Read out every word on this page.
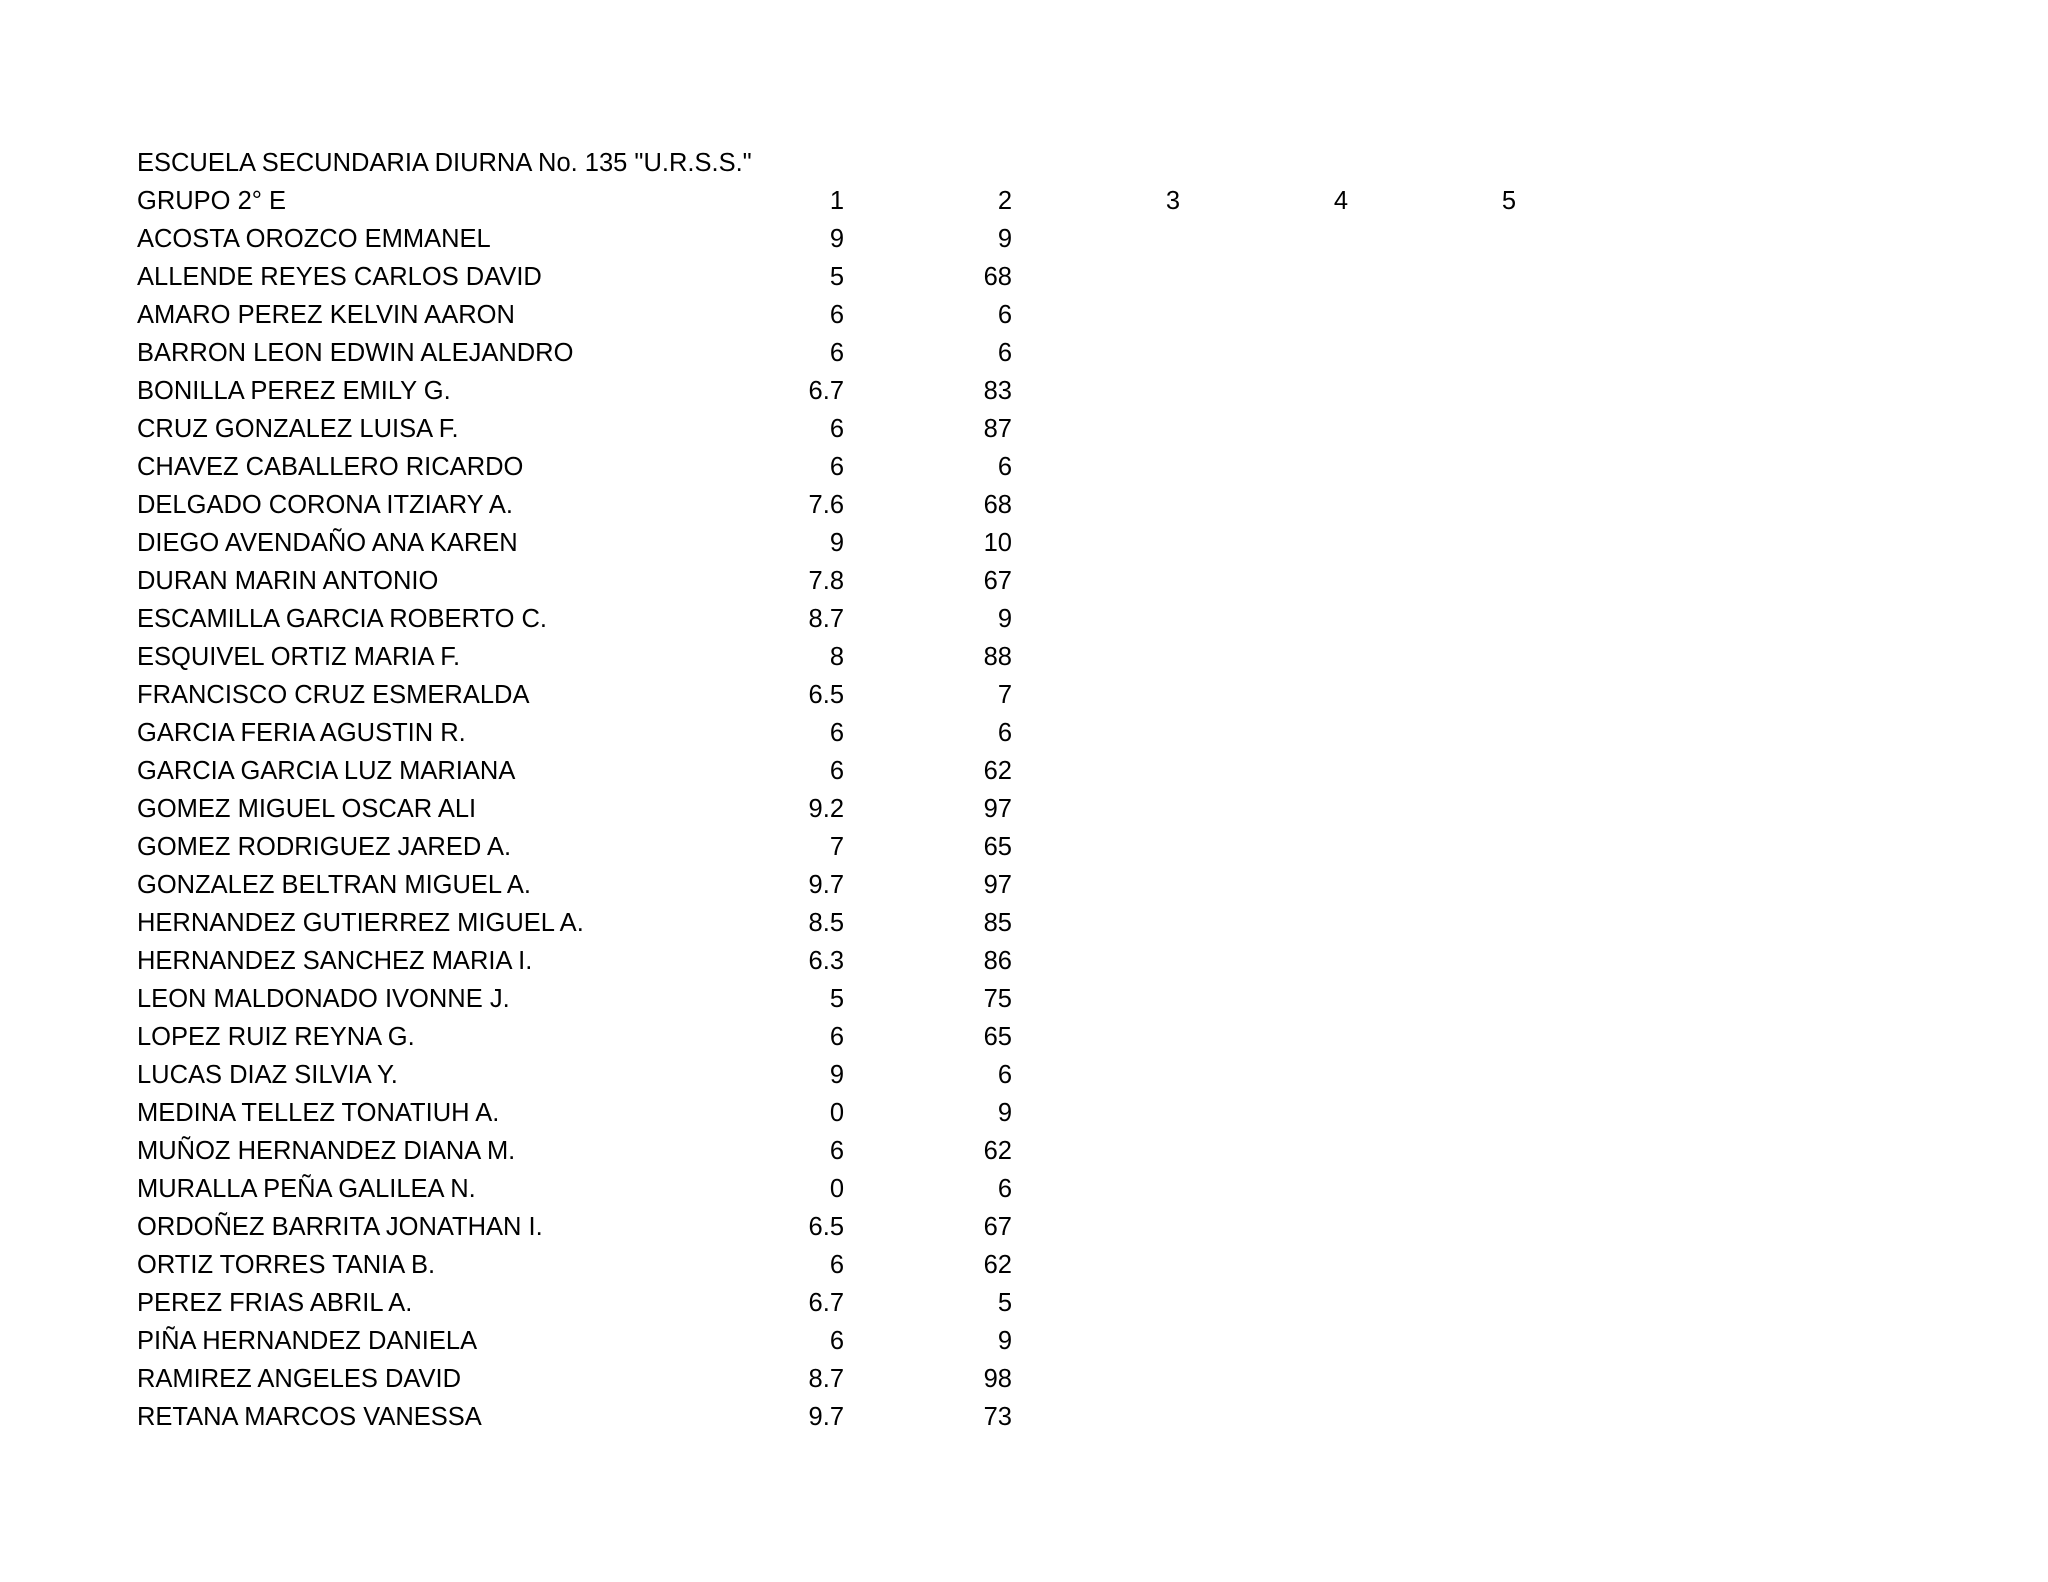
ESCUELA SECUNDARIA DIURNA No. 135 "U.R.S.S."
GRUPO 2° E	1	2	3	4	5
ACOSTA OROZCO EMMANEL	9	9
ALLENDE REYES CARLOS DAVID	5	68
AMARO PEREZ KELVIN AARON	6	6
BARRON LEON EDWIN ALEJANDRO	6	6
BONILLA PEREZ EMILY G.	6.7	83
CRUZ GONZALEZ LUISA F.	6	87
CHAVEZ CABALLERO RICARDO	6	6
DELGADO CORONA ITZIARY A.	7.6	68
DIEGO AVENDAÑO ANA KAREN	9	10
DURAN MARIN ANTONIO	7.8	67
ESCAMILLA GARCIA ROBERTO C.	8.7	9
ESQUIVEL ORTIZ MARIA F.	8	88
FRANCISCO CRUZ ESMERALDA	6.5	7
GARCIA FERIA AGUSTIN R.	6	6
GARCIA GARCIA LUZ MARIANA	6	62
GOMEZ MIGUEL OSCAR ALI	9.2	97
GOMEZ RODRIGUEZ JARED A.	7	65
GONZALEZ BELTRAN MIGUEL A.	9.7	97
HERNANDEZ GUTIERREZ MIGUEL A.	8.5	85
HERNANDEZ SANCHEZ MARIA I.	6.3	86
LEON MALDONADO IVONNE J.	5	75
LOPEZ RUIZ REYNA G.	6	65
LUCAS DIAZ SILVIA Y.	9	6
MEDINA TELLEZ TONATIUH A.	0	9
MUÑOZ HERNANDEZ DIANA M.	6	62
MURALLA PEÑA GALILEA N.	0	6
ORDOÑEZ BARRITA JONATHAN I.	6.5	67
ORTIZ TORRES TANIA B.	6	62
PEREZ FRIAS ABRIL A.	6.7	5
PIÑA HERNANDEZ DANIELA	6	9
RAMIREZ ANGELES DAVID	8.7	98
RETANA MARCOS VANESSA	9.7	73
